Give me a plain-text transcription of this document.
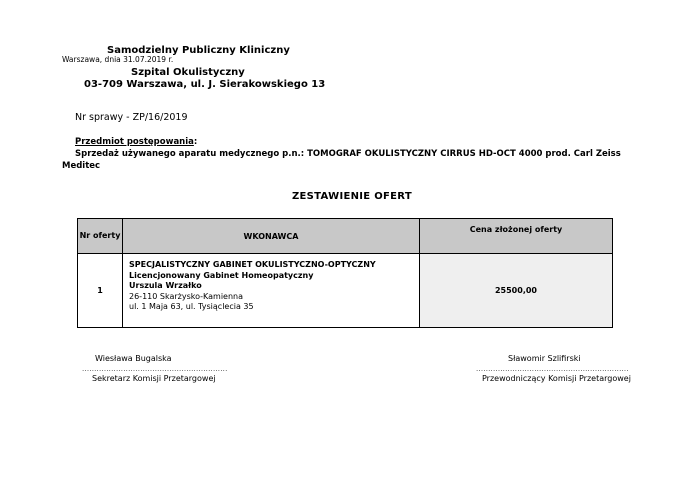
Samodzielny Publiczny Kliniczny
Warszawa, dnia 31.07.2019 r.
Szpital Okulistyczny
03-709 Warszawa, ul. J. Sierakowskiego 13
Nr sprawy - ZP/16/2019
Przedmiot postępowania:
Sprzedaż używanego aparatu medycznego p.n.: TOMOGRAF OKULISTYCZNY CIRRUS HD-OCT 4000 prod. Carl Zeiss
Meditec
ZESTAWIENIE OFERT
Nr oferty	WKONAWCA	Cena złożonej oferty
1	SPECJALISTYCZNY GABINET OKULISTYCZNO-OPTYCZNY
Licencjonowany Gabinet Homeopatyczny
Urszula Wrzałko
26-110 Skarżysko-Kamienna
ul. 1 Maja 63, ul. Tysiąclecia 35	25500,00
Wiesława Bugalska
............................................................
Sekretarz Komisji Przetargowej
Sławomir Szlifirski
...............................................................
Przewodniczący Komisji Przetargowej
